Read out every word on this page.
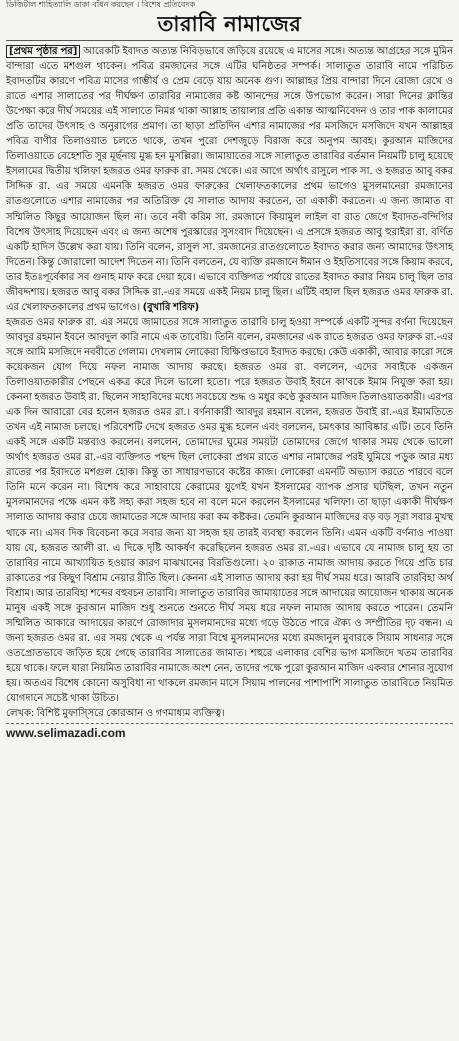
ডিজিটাল শাহিত্যালি ডাকা বাঁধন করছেন । বিশেষ প্রতিবেদক
তারাবি নামাজের

[প্রথম পৃষ্ঠার পর] আরেকটি ইবাদত অত্যন্ত নিবিড়ভাবে জড়িয়ে রয়েছে এ মাসের সঙ্গে। অত্যন্ত আগ্রহের সঙ্গে মুমিন বান্দারা এতে মশগুল থাকেন। পবিত্র রমজানের সঙ্গে এটির ঘনিষ্ঠতর সম্পর্ক। সালাতুত তারাবি নামে পরিচিত ইবাদতটির কারণে পবিত্র মাসের গাম্ভীর্য ও প্রেম বেড়ে যায় অনেক গুণ। আল্লাহর প্রিয় বান্দারা দিনে রোজা রেখে ও রাতে এশার সালাতের পর দীর্ঘক্ষণ তারাবির নামাজের কষ্ট আনন্দের সঙ্গে উপভোগ করেন। সারা দিনের ক্লান্তির উপেক্ষা করে দীর্ঘ সময়ের এই সালাতে নিমগ্ন থাকা আল্লাহ তায়ালার প্রতি একান্ত আত্মনিবেদন ও তার পাক কালামের প্রতি তাদের উৎসাহ ও অনুরাগের প্রমাণ। তা ছাড়া প্রতিদিন এশার নামাজের পর মসজিদে মসজিদে যখন আল্লাহর পবিত্র বাণীর তিলাওয়াত চলতে থাকে, তখন পুরো দেশজুড়ে বিরাজ করে অনুপম আবহ। কুরআন মাজিদের তিলাওয়াতে বেহেশতি সুর মূর্ছনায় মুগ্ধ হন মুসল্লিরা। জামায়াতের সঙ্গে সালাতুত তারাবির বর্তমান নিয়মটি চালু হয়েছে ইসলামের দ্বিতীয় খলিফা হজরত ওমর ফারুক রা. সময় থেকে। এর আগে অর্থাৎ রাসুলে পাক সা. ও হজরত আবু বকর সিদ্দিক রা. এর সময়ে এমনকি হজরত ওমর ফারুকের খেলাফতকালের প্রথম ভাগেও মুসলমানেরা রমজানের রাতগুলোতে এশার নামাজের পর অতিরিক্ত যে সালাত আদায় করতেন, তা একাকী করতেন। এ জন্য জামাত বা সম্মিলিত কিছুর আয়োজন ছিল না। তবে নবী করিম সা. রমজানে কিয়ামুল লাইল বা রাত জেগে ইবাদত-বন্দিগির বিশেষ উৎসাহ দিয়েছেন এবং এ জন্য অশেষ পুরস্কারের সুসংবাদ দিয়েছেন। এ প্রসঙ্গে হজরত আবু হুরাইরা রা. বর্ণিত একটি হাদিস উল্লেখ করা যায়। তিনি বলেন, রাসুল সা. রমজানের রাতগুলোতে ইবাদত করার জন্য আমাদের উৎসাহ দিতেন। কিন্তু জোরালো আদেশ দিতেন না। তিনি বলতেন, যে ব্যক্তি রমজানে ঈমান ও ইহতিসাবের সঙ্গে কিয়াম করবে, তার ইতঃপূর্বেকার সব গুনাহ মাফ করে দেয়া হবে। এভাবে ব্যক্তিগত পর্যায়ে রাতের ইবাদত করার নিয়ম চালু ছিল তার জীবদ্দশায়। হজরত আবু বকর সিদ্দিক রা.-এর সময়ে একই নিয়ম চালু ছিল। এটিই বহাল ছিল হজরত ওমর ফারুক রা. এর খেলাফতকালের প্রথম ভাগেও। (বুখারি শরিফ)

হজরত ওমর ফারুক রা. এর সময়ে জামাতের সঙ্গে সালাতুত তারাবি চালু হওয়া সম্পর্কে একটি সুন্দর বর্ণনা দিয়েছেন আবদুর রহমান ইবনে আবদুল কারি নামে এক তাবেয়ি। তিনি বলেন, রমজানের এক রাতে হজরত ওমর ফারুক রা.-এর সঙ্গে আমি মসজিদে নববীতে গেলাম। দেখলাম লোকেরা বিক্ষিপ্তভাবে ইবাদত করছে। কেউ একাকী, আবার কারো সঙ্গে কয়েকজন যোগ দিয়ে নফল নামাজ আদায় করছে। হজরত ওমর রা. বললেন, এদের সবাইকে একজন তিলাওয়াতকারীর পেছনে একত্র করে দিলে ভালো হতো। পরে হজরত উবাই ইবনে কা'বকে ইমাম নিযুক্ত করা হয়। কেননা হজরত উবাই রা. ছিলেন সাহাবিদের মধ্যে সবচেয়ে শুদ্ধ ও মধুর কণ্ঠে কুরআন মাজিদ তিলাওয়াতকারী। এরপর এক দিন আবারো বের হলেন হজরত ওমর রা.। বর্ণনাকারী আবদুর রহমান বলেন, হজরত উবাই রা.-এর ইমামতিতে তখন এই নামাজ চলছে। পরিবেশটি দেখে হজরত ওমর মুগ্ধ হলেন এবং বললেন, চমৎকার আবিষ্কার এটি। তবে তিনি একই সঙ্গে একটি মন্তব্যও করলেন। বললেন, তোমাদের ঘুমের সময়টা তোমাদের জেগে থাকার সময় থেকে ভালো অর্থাৎ হজরত ওমর রা.-এর ব্যক্তিগত পছন্দ ছিল লোকেরা প্রথম রাতে এশার নামাজের পরই ঘুমিয়ে পড়ুক আর মধ্য রাতের পর ইবাদতে মশগুল হোক। কিন্তু তা সাধারণভাবে কষ্টের কাজ। লোকেরা এমনটি অভ্যাস করতে পারবে বলে তিনি মনে করেন না। বিশেষ করে সাহাবায়ে কেরামের যুগেই যখন ইসলামের ব্যাপক প্রসার ঘটছিল, তখন নতুন মুসলমানদের পক্ষে এমন কষ্ট সহ্য করা সহজ হবে না বলে মনে করলেন ইসলামের খলিফা। তা ছাড়া একাকী দীর্ঘক্ষণ সালাত আদায় করার চেয়ে জামাতের সঙ্গে আদায় করা কম কষ্টকর। তেমনি কুরআন মাজিদের বড় বড় সূরা সবার মুখস্থ থাকে না। এসব দিক বিবেচনা করে সবার জন্য যা সহজ হয় তারই ব্যবস্থা করলেন তিনি। এমন একটি বর্ণনাও পাওয়া যায় যে, হজরত আলী রা. এ দিকে দৃষ্টি আকর্ষণ করেছিলেন হজরত ওমর রা.-এর। এভাবে যে নামাজ চালু হয় তা তারাবির নামে আখ্যায়িত হওয়ার কারণ মাঝখানের বিরতিগুলো। ২০ রাকাত নামাজ আদায় করতে গিয়ে প্রতি চার রাকাতের পর কিছুণ বিশ্রাম নেয়ার রীতি ছিল। কেননা এই সালাত আদায় করা হয় দীর্ঘ সময় ধরে। আরবি তারবিহা অর্থ বিশ্রাম। আর তারবিহা শব্দের বহুবচন তারাবি। সালাতুত তারাবির জামায়াতের সঙ্গে আদায়ের আয়োজন থাকায় অনেক মানুষ একই সঙ্গে কুরআন মাজিদ শুধু শুনতে শুনতে দীর্ঘ সময় ধরে নফল নামাজ আদায় করতে পারেন। তেমনি সম্মিলিত আকারে আদায়ের কারণে রোজাদার মুসলমানদের মধ্যে গড়ে উঠতে পারে ঐক্য ও সম্প্রীতির দৃঢ় বন্ধন। এ জন্য হজরত ওমর রা. এর সময় থেকে এ পর্যন্ত সারা বিশ্বে মুসলমানদের মধ্যে রমজানুল মুবারকে সিয়াম সাধনার সঙ্গে ওতপ্রোতভাবে জড়িত হয়ে গেছে তারাবির সালাতের জামাত। শহুরে এলাকার বেশির ভাগ মসজিদে খতম তারাবির হয়ে থাকে। ফলে যারা নিয়মিত তারাবির নামাজে অংশ নেন, তাদের পক্ষে পুরো কুরআন মাজিদ একবার শোনার সুযোগ হয়। অতএব বিশেষ কোনো অসুবিধা না থাকলে রমজান মাসে সিয়াম পালনের পাশাপাশি সালাতুত তারাবিতে নিয়মিত যোগদানে সচেষ্ট থাকা উচিত।

লেখক: বিশিষ্ট মুফাস্সিরে কোরআন ও গণমাধ্যম ব্যক্তিত্ব।

www.selimazadi.com
